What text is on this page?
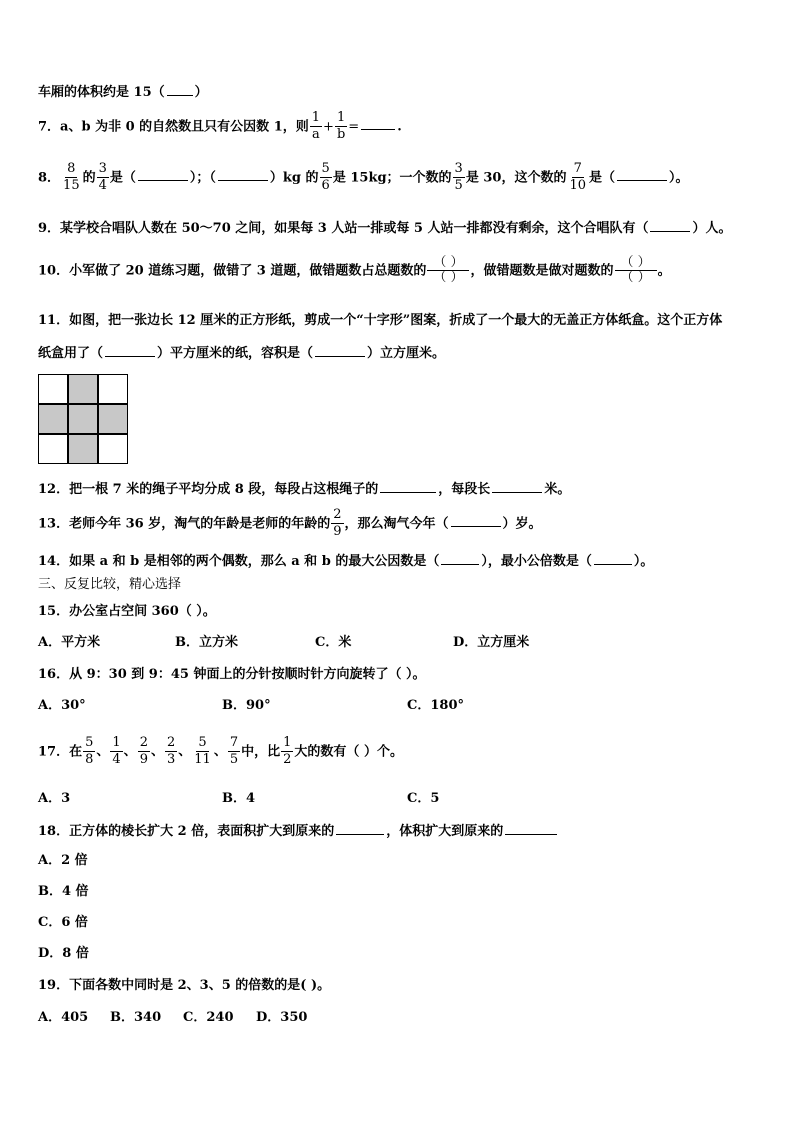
车厢的体积约是 15（ ）
7．a、b 为非 0 的自然数且只有公因数 1，则 $\frac{1}{a} + \frac{1}{b}$ =	.
8． $\frac{8}{15}$ 的 $\frac{3}{4}$ 是（	）；（	）kg 的 $\frac{5}{6}$ 是 15kg；一个数的 $\frac{3}{5}$ 是 30，这个数的 $\frac{7}{10}$ 是（	）。
9．某学校合唱队人数在 50～70 之间，如果每 3 人站一排或每 5 人站一排都没有剩余，这个合唱队有（	）人。
10．小军做了 20 道练习题，做错了 3 道题，做错题数占总题数的 $\frac{( )}{( )}$ ，做错题数是做对题数的 $\frac{( )}{( )}$ 。
11．如图，把一张边长 12 厘米的正方形纸，剪成一个“十字形”图案，折成了一个最大的无盖正方体纸盒。这个正方体
纸盒用了（	）平方厘米的纸，容积是（	）立方厘米。
12．把一根 7 米的绳子平均分成 8 段，每段占这根绳子的	，每段长	米。
13．老师今年 36 岁，淘气的年龄是老师的年龄的 $\frac{2}{9}$ ，那么淘气今年（	）岁。
14．如果 a 和 b 是相邻的两个偶数，那么 a 和 b 的最大公因数是（	），最小公倍数是（	）。
三、反复比较，精心选择
15．办公室占空间 360（ ）。
A．平方米	B．立方米	C．米	D．立方厘米
16．从 9：30 到 9：45 钟面上的分针按顺时针方向旋转了（ ）。
A．30°	B．90°	C．180°
17．在 $\frac{5}{8}$ 、 $\frac{1}{4}$ 、 $\frac{2}{9}$ 、 $\frac{2}{3}$ 、 $\frac{5}{11}$ 、 $\frac{7}{5}$ 中，比 $\frac{1}{2}$ 大的数有（ ）个。
A．3	B．4	C．5
18．正方体的棱长扩大 2 倍，表面积扩大到原来的	，体积扩大到原来的
A．2 倍
B．4 倍
C．6 倍
D．8 倍
19．下面各数中同时是 2、3、5 的倍数的是( )。
A．405 B．340 C．240 D．350
